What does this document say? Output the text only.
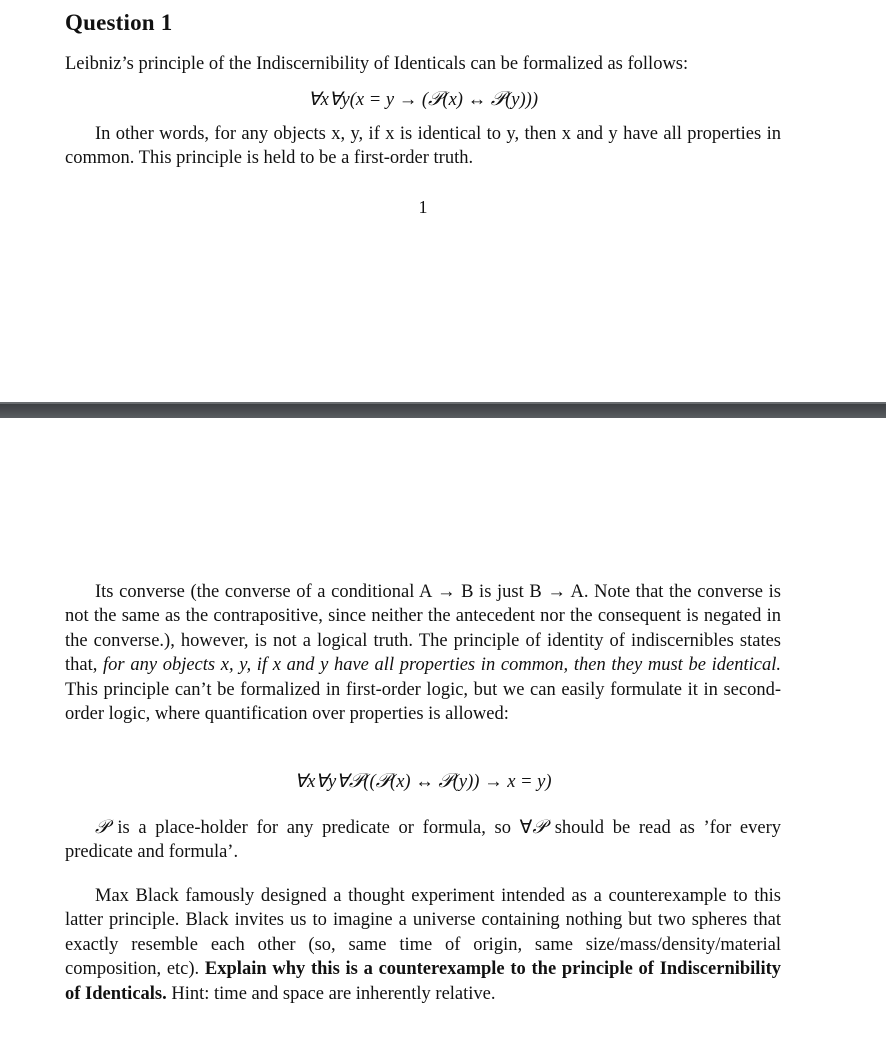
Question 1
Leibniz’s principle of the Indiscernibility of Identicals can be formalized as follows:
∀x∀y(x = y → (𝒫(x) ↔ 𝒫(y)))
In other words, for any objects x, y, if x is identical to y, then x and y have all properties in common. This principle is held to be a first-order truth.
1
Its converse (the converse of a conditional A → B is just B → A. Note that the converse is not the same as the contrapositive, since neither the antecedent nor the consequent is negated in the converse.), however, is not a logical truth. The principle of identity of indiscernibles states that, for any objects x, y, if x and y have all properties in common, then they must be identical. This principle can’t be formalized in first-order logic, but we can easily formulate it in second-order logic, where quantification over properties is allowed:
∀x∀y∀𝒫((𝒫(x) ↔ 𝒫(y)) → x = y)
𝒫 is a place-holder for any predicate or formula, so ∀𝒫 should be read as ’for every predicate and formula’.
Max Black famously designed a thought experiment intended as a counterexample to this latter principle. Black invites us to imagine a universe containing nothing but two spheres that exactly resemble each other (so, same time of origin, same size/mass/density/material composition, etc). Explain why this is a counterexample to the principle of Indiscernibility of Identicals. Hint: time and space are inherently relative.
